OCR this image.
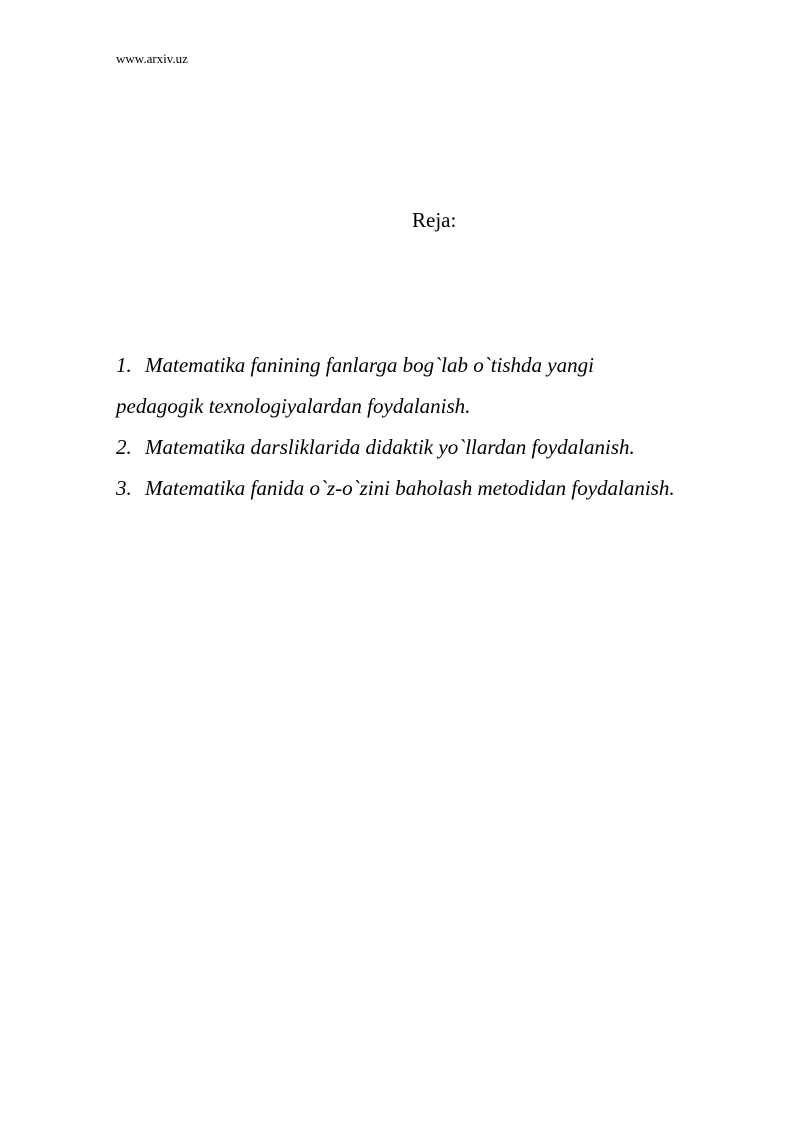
www.arxiv.uz
Reja:
1. Matematika fanining fanlarga bog`lab o`tishda yangi
pedagogik texnologiyalardan foydalanish.
2. Matematika darsliklarida didaktik yo`llardan foydalanish.
3. Matematika fanida o`z-o`zini baholash metodidan foydalanish.
